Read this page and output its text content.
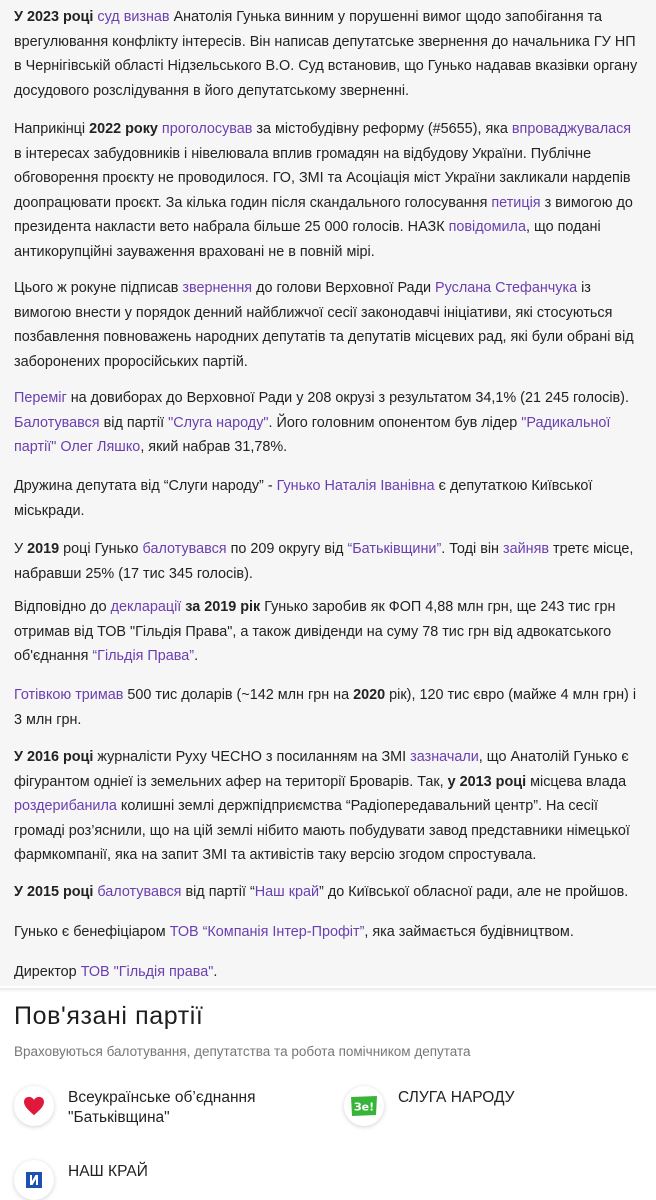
У 2023 році суд визнав Анатолія Гунька винним у порушенні вимог щодо запобігання та врегулювання конфлікту інтересів. Він написав депутатське звернення до начальника ГУ НП в Чернігівській області Нідзельського В.О. Суд встановив, що Гунько надавав вказівки органу досудового розслідування в його депутатському зверненні.

Наприкінці 2022 року проголосував за містобудівну реформу (#5655), яка впроваджувалася в інтересах забудовників і нівелювала вплив громадян на відбудову України. Публічне обговорення проєкту не проводилося. ГО, ЗМІ та Асоціація міст України закликали нардепів доопрацювати проєкт. За кілька годин після скандального голосування петиція з вимогою до президента накласти вето набрала більше 25 000 голосів. НАЗК повідомила, що подані антикорупційні зауваження враховані не в повній мірі.

Цього ж рокуне підписав звернення до голови Верховної Ради Руслана Стефанчука із вимогою внести у порядок денний найближчої сесії законодавчі ініціативи, які стосуються позбавлення повноважень народних депутатів та депутатів місцевих рад, які були обрані від заборонених проросійських партій.

Переміг на довиборах до Верховної Ради у 208 окрузі з результатом 34,1% (21 245 голосів). Балотувався від партії "Слуга народу". Його головним опонентом був лідер "Радикальної партії" Олег Ляшко, який набрав 31,78%.

Дружина депутата від “Слуги народу” - Гунько Наталія Іванівна є депутаткою Київської міськради.

У 2019 році Гунько балотувався по 209 округу від “Батьківщини”. Тоді він зайняв третє місце, набравши 25% (17 тис 345 голосів).

Відповідно до декларації за 2019 рік Гунько заробив як ФОП 4,88 млн грн, ще 243 тис грн отримав від ТОВ "Гільдія Права", а також дивіденди на суму 78 тис грн від адвокатського об'єднання “Гільдія Права”.

Готівкою тримав 500 тис доларів (~142 млн грн на 2020 рік), 120 тис євро (майже 4 млн грн) і 3 млн грн.

У 2016 році журналісти Руху ЧЕСНО з посиланням на ЗМІ зазначали, що Анатолій Гунько є фігурантом одніеї із земельних афер на території Броварів. Так, у 2013 році місцева влада роздерибанила колишні землі держпідприємства “Радіопередавальний центр”. На сесії громаді роз’яснили, що на цій землі нібито мають побудувати завод представники німецької фармкомпанії, яка на запит ЗМІ та активістів таку версію згодом спростувала.

У 2015 році балотувався від партії “Наш край” до Київської обласної ради, але не пройшов.

Гунько є бенефіціаром ТОВ “Компанія Інтер-Профіт”, яка займається будівництвом.

Директор ТОВ "Гільдія права".

Пов'язані партії
Враховуються балотування, депутатства та робота помічником депутата
Всеукраїнське об’єднання
"Батьківщина"
Зе!
СЛУГА НАРОДУ
НАШ КРАЙ
